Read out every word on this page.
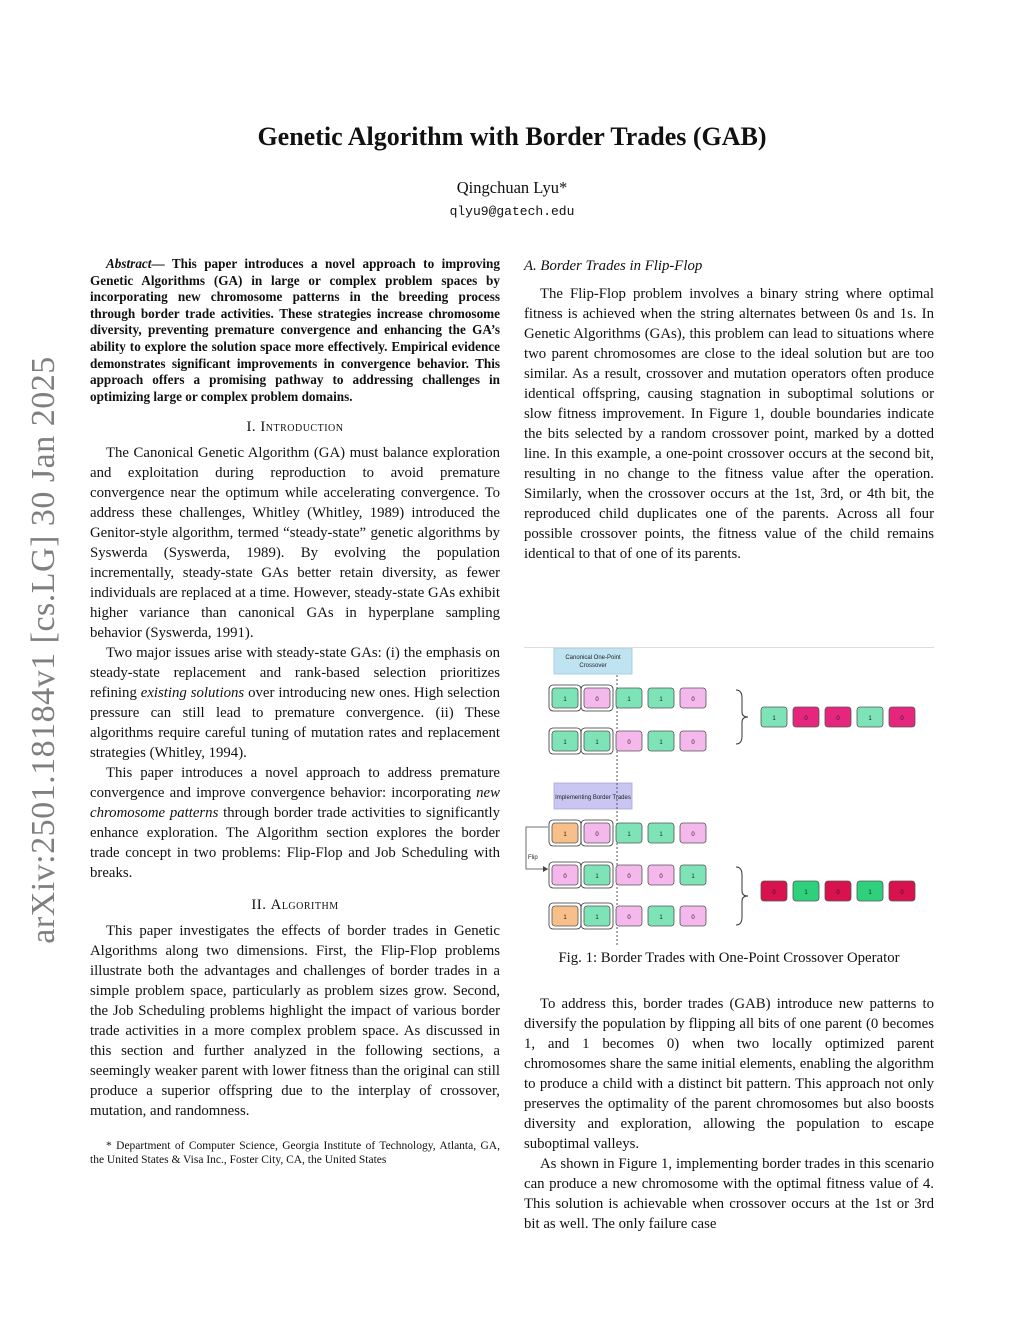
arXiv:2501.18184v1 [cs.LG] 30 Jan 2025
Genetic Algorithm with Border Trades (GAB)
Qingchuan Lyu*
qlyu9@gatech.edu

Abstract— This paper introduces a novel approach to improving Genetic Algorithms (GA) in large or complex problem spaces by incorporating new chromosome patterns in the breeding process through border trade activities. These strategies increase chromosome diversity, preventing premature convergence and enhancing the GA’s ability to explore the solution space more effectively. Empirical evidence demonstrates significant improvements in convergence behavior. This approach offers a promising pathway to addressing challenges in optimizing large or complex problem domains.

I. Introduction

The Canonical Genetic Algorithm (GA) must balance exploration and exploitation during reproduction to avoid premature convergence near the optimum while accelerating convergence. To address these challenges, Whitley (Whitley, 1989) introduced the Genitor-style algorithm, termed “steady-state” genetic algorithms by Syswerda (Syswerda, 1989). By evolving the population incrementally, steady-state GAs better retain diversity, as fewer individuals are replaced at a time. However, steady-state GAs exhibit higher variance than canonical GAs in hyperplane sampling behavior (Syswerda, 1991).

Two major issues arise with steady-state GAs: (i) the emphasis on steady-state replacement and rank-based selection prioritizes refining existing solutions over introducing new ones. High selection pressure can still lead to premature convergence. (ii) These algorithms require careful tuning of mutation rates and replacement strategies (Whitley, 1994).

This paper introduces a novel approach to address premature convergence and improve convergence behavior: incorporating new chromosome patterns through border trade activities to significantly enhance exploration. The Algorithm section explores the border trade concept in two problems: Flip-Flop and Job Scheduling with breaks.

II. Algorithm

This paper investigates the effects of border trades in Genetic Algorithms along two dimensions. First, the Flip-Flop problems illustrate both the advantages and challenges of border trades in a simple problem space, particularly as problem sizes grow. Second, the Job Scheduling problems highlight the impact of various border trade activities in a more complex problem space. As discussed in this section and further analyzed in the following sections, a seemingly weaker parent with lower fitness than the original can still produce a superior offspring due to the interplay of crossover, mutation, and randomness.

* Department of Computer Science, Georgia Institute of Technology, Atlanta, GA, the United States & Visa Inc., Foster City, CA, the United States

A. Border Trades in Flip-Flop

The Flip-Flop problem involves a binary string where optimal fitness is achieved when the string alternates between 0s and 1s. In Genetic Algorithms (GAs), this problem can lead to situations where two parent chromosomes are close to the ideal solution but are too similar. As a result, crossover and mutation operators often produce identical offspring, causing stagnation in suboptimal solutions or slow fitness improvement. In Figure 1, double boundaries indicate the bits selected by a random crossover point, marked by a dotted line. In this example, a one-point crossover occurs at the second bit, resulting in no change to the fitness value after the operation. Similarly, when the crossover occurs at the 1st, 3rd, or 4th bit, the reproduced child duplicates one of the parents. Across all four possible crossover points, the fitness value of the child remains identical to that of one of its parents.

Canonical One-Point
Crossover
Implementing Border Trades
1	0	1	1	0
1	1	0	1	0
1	0	0	1	0
1	0	1	1	0
0	1	0	0	1
1	1	0	1	0
Flip
0	1	0	1	0
Fig. 1: Border Trades with One-Point Crossover Operator

To address this, border trades (GAB) introduce new patterns to diversify the population by flipping all bits of one parent (0 becomes 1, and 1 becomes 0) when two locally optimized parent chromosomes share the same initial elements, enabling the algorithm to produce a child with a distinct bit pattern. This approach not only preserves the optimality of the parent chromosomes but also boosts diversity and exploration, allowing the population to escape suboptimal valleys.

As shown in Figure 1, implementing border trades in this scenario can produce a new chromosome with the optimal fitness value of 4. This solution is achievable when crossover occurs at the 1st or 3rd bit as well. The only failure case
